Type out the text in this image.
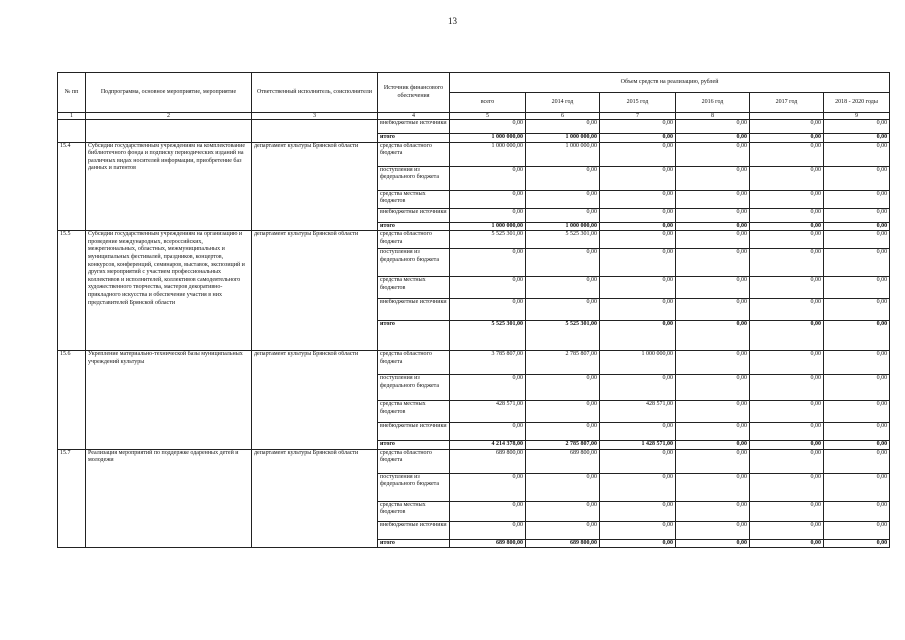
13
№ пп	Подпрограмма, основное мероприятие, мероприятие	Ответственный исполнитель, соисполнители	Источник финансового обеспечения	Объем средств на реализацию, рублей						
				всего	2014 год	2015 год	2016 год	2017 год	2018 - 2020 годы	
1	2	3	4	5	6	7	8		9	
			внебюджетные источники	0,00	0,00	0,00	0,00	0,00	0,00	
			итого	1 000 000,00	1 000 000,00	0,00	0,00	0,00	0,00	
15.4	Субсидии государственным учреждениям на комплектование библиотечного фонда и подписку периодических изданий на различных видах носителей информации, приобретение баз данных и патентов	департамент культуры Брянской области	средства областного бюджета	1 000 000,00	1 000 000,00	0,00	0,00	0,00	0,00	
			поступления из федерального бюджета	0,00	0,00	0,00	0,00	0,00	0,00	
			средства местных бюджетов	0,00	0,00	0,00	0,00	0,00	0,00	
			внебюджетные источники	0,00	0,00	0,00	0,00	0,00	0,00	
			итого	1 000 000,00	1 000 000,00	0,00	0,00	0,00	0,00	
15.5	Субсидии государственным учреждениям на организацию и проведение международных, всероссийских, межрегиональных, областных, межмуниципальных и муниципальных фестивалей, праздников, концертов, конкурсов, конференций, семинаров, выставок, экспозиций и других мероприятий с участием профессиональных коллективов и исполнителей, коллективов самодеятельного художественного творчества, мастеров декоративно-прикладного искусства и обеспечение участия в них представителей Брянской области	департамент культуры Брянской области	средства областного бюджета	5 525 301,00	5 525 301,00	0,00	0,00	0,00	0,00	
			поступления из федерального бюджета	0,00	0,00	0,00	0,00	0,00	0,00	
			средства местных бюджетов	0,00	0,00	0,00	0,00	0,00	0,00	
			внебюджетные источники	0,00	0,00	0,00	0,00	0,00	0,00	
			итого	5 525 301,00	5 525 301,00	0,00	0,00	0,00	0,00	
15.6	Укрепление материально-технической базы муниципальных учреждений культуры	департамент культуры Брянской области	средства областного бюджета	3 785 807,00	2 785 807,00	1 000 000,00	0,00	0,00	0,00	
			поступления из федерального бюджета	0,00	0,00	0,00	0,00	0,00	0,00	
			средства местных бюджетов	428 571,00	0,00	428 571,00	0,00	0,00	0,00	
			внебюджетные источники	0,00	0,00	0,00	0,00	0,00	0,00	
			итого	4 214 378,00	2 785 807,00	1 428 571,00	0,00	0,00	0,00	
15.7	Реализация мероприятий по поддержке одаренных детей и молодежи	департамент культуры Брянской области	средства областного бюджета	689 800,00	689 800,00	0,00	0,00	0,00	0,00	
			поступления из федерального бюджета	0,00	0,00	0,00	0,00	0,00	0,00	
			средства местных бюджетов	0,00	0,00	0,00	0,00	0,00	0,00	
			внебюджетные источники	0,00	0,00	0,00	0,00	0,00	0,00	
			итого	689 800,00	689 800,00	0,00	0,00	0,00	0,00	
